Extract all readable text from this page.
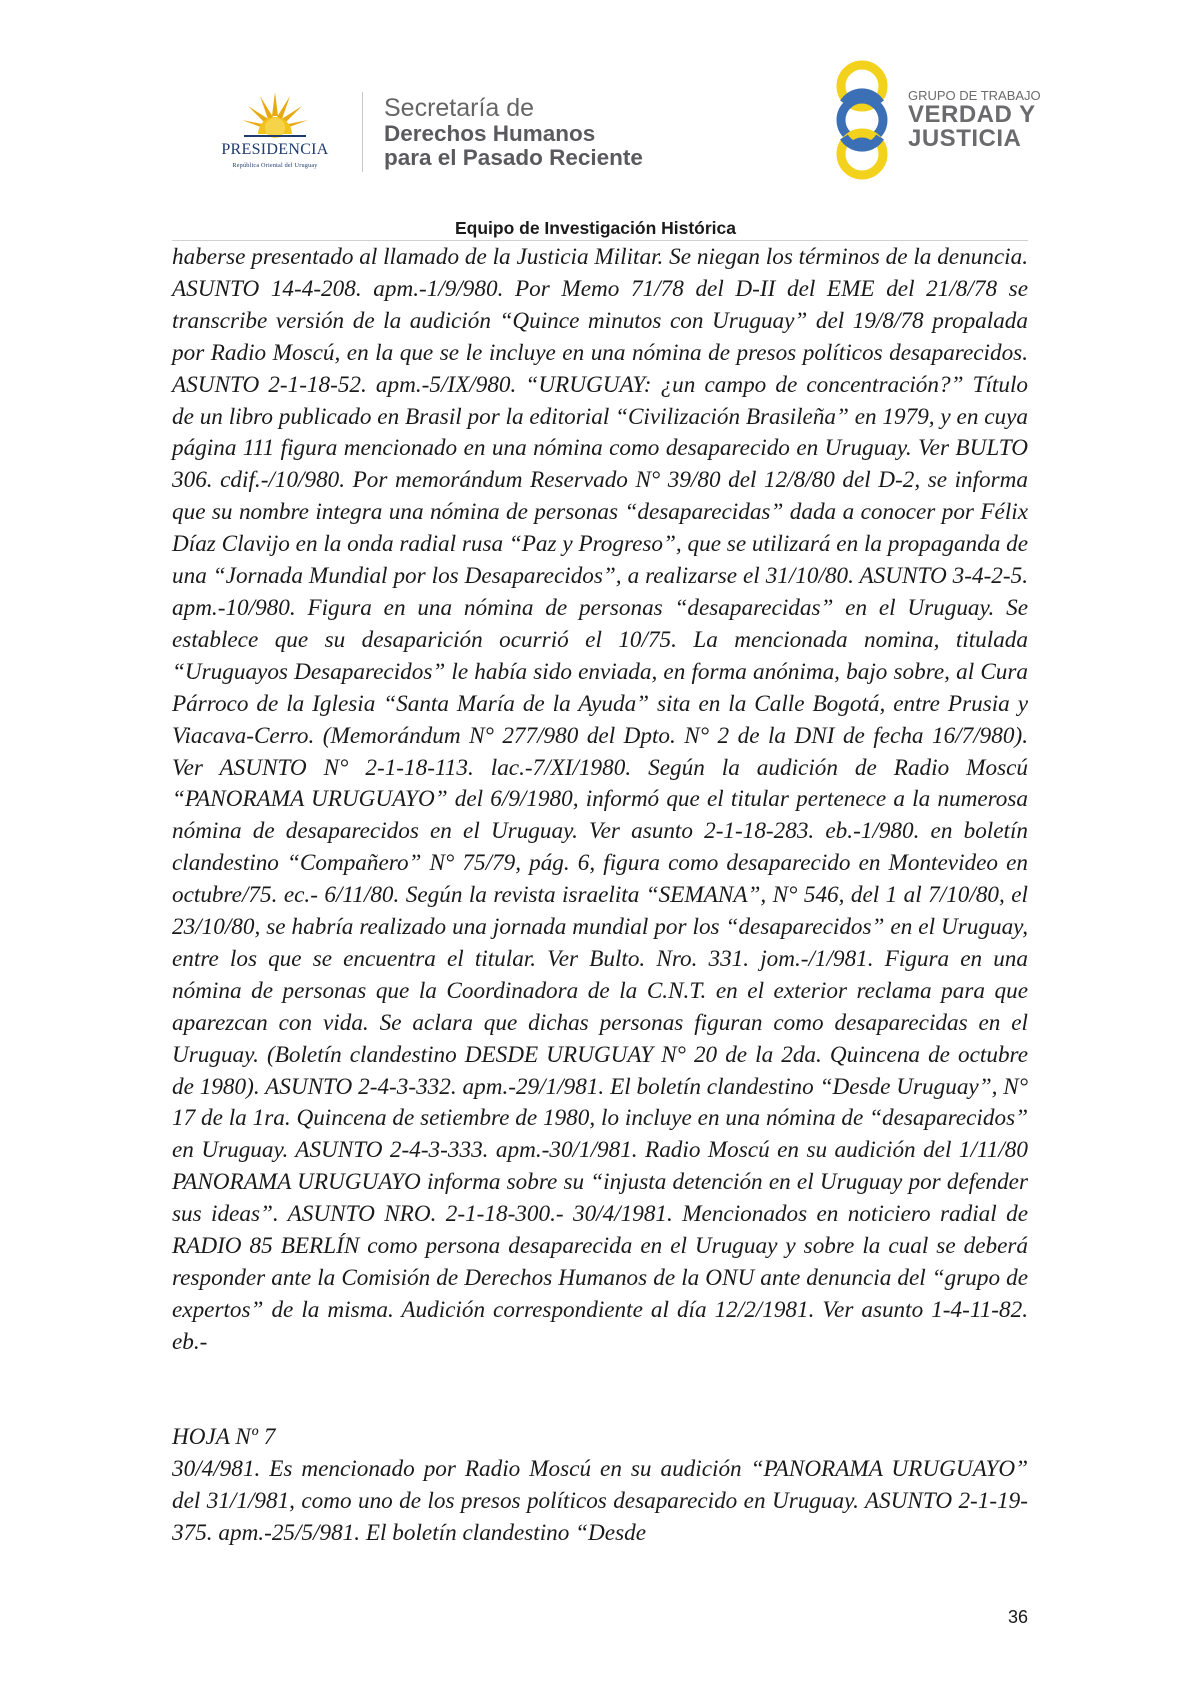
PRESIDENCIA
República Oriental del Uruguay
Secretaría de
Derechos Humanos
para el Pasado Reciente
GRUPO DE TRABAJO
VERDAD Y
JUSTICIA
Equipo de Investigación Histórica

haberse presentado al llamado de la Justicia Militar. Se niegan los términos de la denuncia. ASUNTO 14-4-208. apm.-1/9/980. Por Memo 71/78 del D-II del EME del 21/8/78 se transcribe versión de la audición “Quince minutos con Uruguay” del 19/8/78 propalada por Radio Moscú, en la que se le incluye en una nómina de presos políticos desaparecidos. ASUNTO 2-1-18-52. apm.-5/IX/980. “URUGUAY: ¿un campo de concentración?” Título de un libro publicado en Brasil por la editorial “Civilización Brasileña” en 1979, y en cuya página 111 figura mencionado en una nómina como desaparecido en Uruguay. Ver BULTO 306. cdif.-/10/980. Por memorándum Reservado N° 39/80 del 12/8/80 del D-2, se informa que su nombre integra una nómina de personas “desaparecidas” dada a conocer por Félix Díaz Clavijo en la onda radial rusa “Paz y Progreso”, que se utilizará en la propaganda de una “Jornada Mundial por los Desaparecidos”, a realizarse el 31/10/80. ASUNTO 3-4-2-5. apm.-10/980. Figura en una nómina de personas “desaparecidas” en el Uruguay. Se establece que su desaparición ocurrió el 10/75. La mencionada nomina, titulada “Uruguayos Desaparecidos” le había sido enviada, en forma anónima, bajo sobre, al Cura Párroco de la Iglesia “Santa María de la Ayuda” sita en la Calle Bogotá, entre Prusia y Viacava-Cerro. (Memorándum N° 277/980 del Dpto. N° 2 de la DNI de fecha 16/7/980). Ver ASUNTO N° 2-1-18-113. lac.-7/XI/1980. Según la audición de Radio Moscú “PANORAMA URUGUAYO” del 6/9/1980, informó que el titular pertenece a la numerosa nómina de desaparecidos en el Uruguay. Ver asunto 2-1-18-283. eb.-1/980. en boletín clandestino “Compañero” N° 75/79, pág. 6, figura como desaparecido en Montevideo en octubre/75. ec.- 6/11/80. Según la revista israelita “SEMANA”, N° 546, del 1 al 7/10/80, el 23/10/80, se habría realizado una jornada mundial por los “desaparecidos” en el Uruguay, entre los que se encuentra el titular. Ver Bulto. Nro. 331. jom.-/1/981. Figura en una nómina de personas que la Coordinadora de la C.N.T. en el exterior reclama para que aparezcan con vida. Se aclara que dichas personas figuran como desaparecidas en el Uruguay. (Boletín clandestino DESDE URUGUAY N° 20 de la 2da. Quincena de octubre de 1980). ASUNTO 2-4-3-332. apm.-29/1/981. El boletín clandestino “Desde Uruguay”, N° 17 de la 1ra. Quincena de setiembre de 1980, lo incluye en una nómina de “desaparecidos” en Uruguay. ASUNTO 2-4-3-333. apm.-30/1/981. Radio Moscú en su audición del 1/11/80 PANORAMA URUGUAYO informa sobre su “injusta detención en el Uruguay por defender sus ideas”. ASUNTO NRO. 2-1-18-300.- 30/4/1981. Mencionados en noticiero radial de RADIO 85 BERLÍN como persona desaparecida en el Uruguay y sobre la cual se deberá responder ante la Comisión de Derechos Humanos de la ONU ante denuncia del “grupo de expertos” de la misma. Audición correspondiente al día 12/2/1981. Ver asunto 1-4-11-82. eb.-

HOJA Nº 7

30/4/981. Es mencionado por Radio Moscú en su audición “PANORAMA URUGUAYO” del 31/1/981, como uno de los presos políticos desaparecido en Uruguay. ASUNTO 2-1-19-375. apm.-25/5/981. El boletín clandestino “Desde

36
